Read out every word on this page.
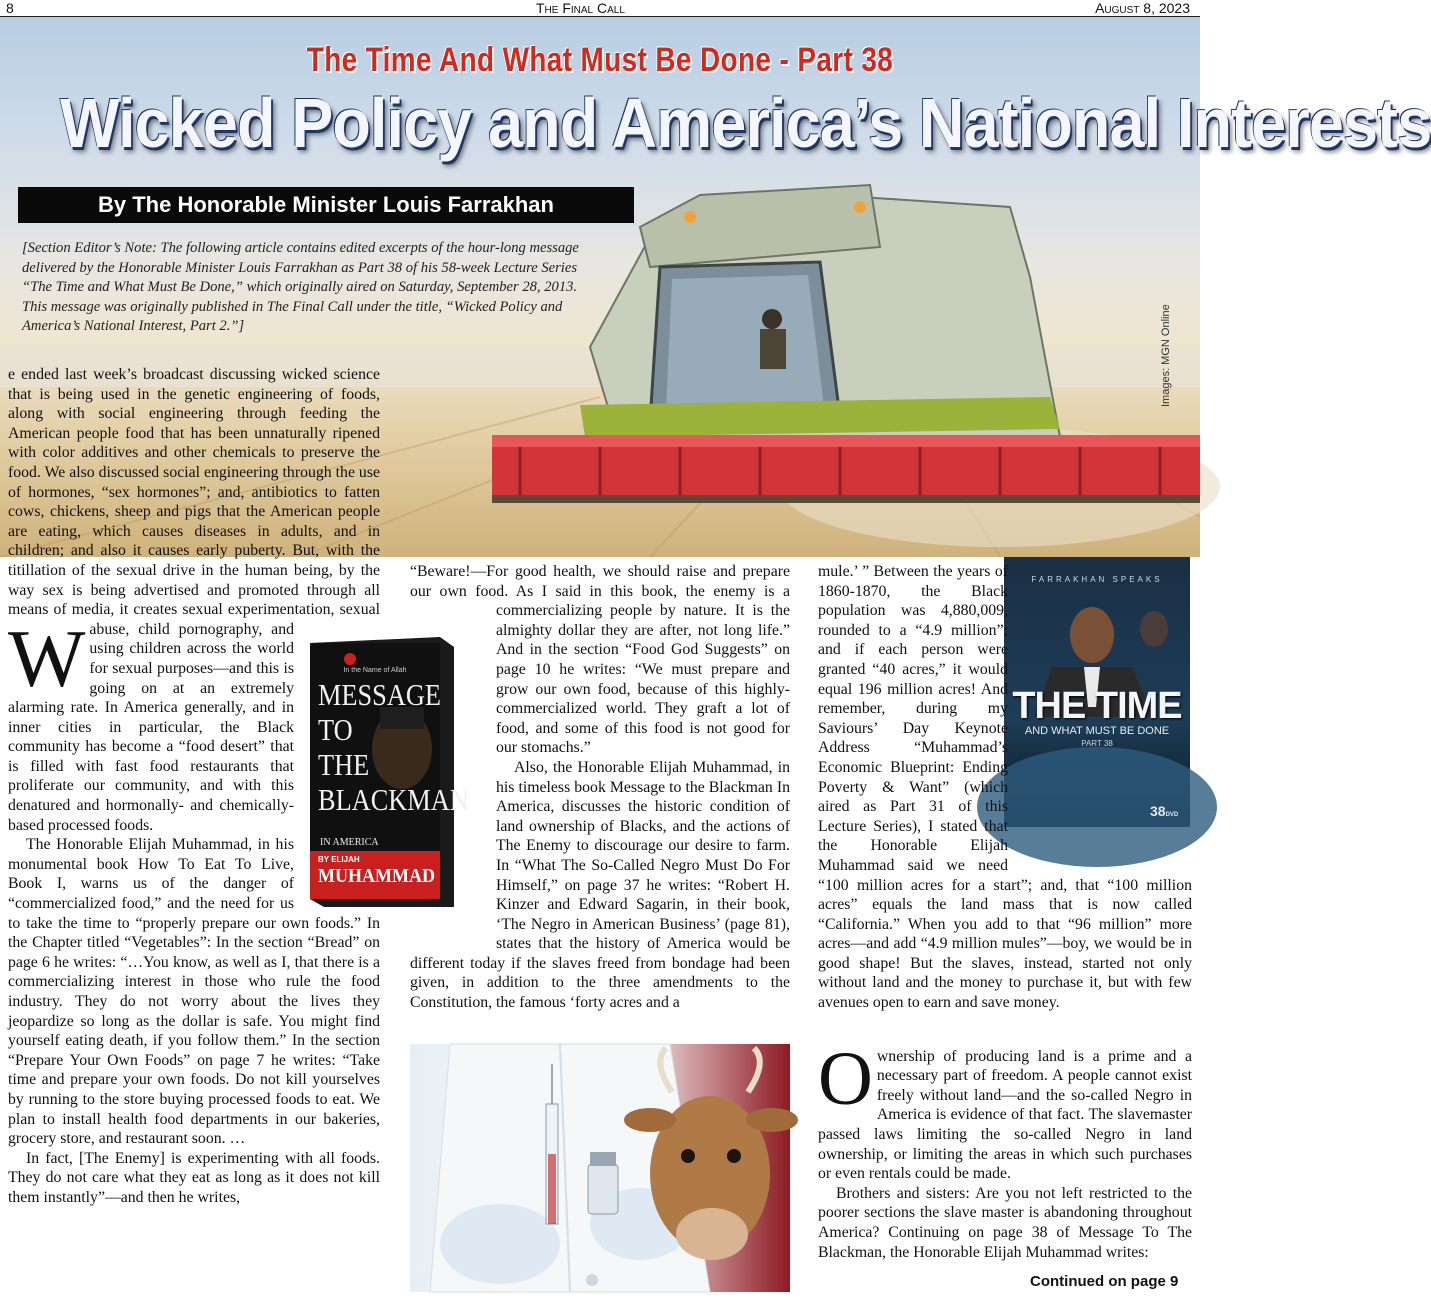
8	The Final Call	August 8, 2023
The Time And What Must Be Done - Part 38
Wicked Policy and America’s National Interests
By The Honorable Minister Louis Farrakhan
[Section Editor’s Note: The following article contains edited excerpts of the hour-long message delivered by the Honorable Minister Louis Farrakhan as Part 38 of his 58-week Lecture Series “The Time and What Must Be Done,” which originally aired on Saturday, September 28, 2013. This message was originally published in The Final Call under the title, “Wicked Policy and America’s National Interest, Part 2.”]	Images: MGN Online

W
e ended last week’s broadcast discussing wicked science that is being used in the genetic engineering of foods, along with social engineering through feeding the American people food that has been unnaturally ripened with color additives and other chemicals to preserve the food. We also discussed social engineering through the use of hormones, “sex hormones”; and, antibiotics to fatten cows, chickens, sheep and pigs that the American people are eating, which causes diseases in adults, and in children; and also it causes early puberty. But, with the titillation of the sexual drive in the human being, by the way sex is being advertised and promoted through all means of media, it creates sexual experimentation, sexual abuse, child pornography, and using children across the world for sexual purposes—and this is going on at an extremely alarming rate. In America generally, and in inner cities in particular, the Black community has become a “food desert” that is filled with fast food restaurants that proliferate our community, and with this denatured and hormonally- and chemically-based processed foods.

The Honorable Elijah Muhammad, in his monumental book How To Eat To Live, Book I, warns us of the danger of “commercialized food,” and the need for us to take the time to “properly prepare our own foods.” In the Chapter titled “Vegetables”: In the section “Bread” on page 6 he writes: “…You know, as well as I, that there is a commercializing interest in those who rule the food industry. They do not worry about the lives they jeopardize so long as the dollar is safe. You might find yourself eating death, if you follow them.” In the section “Prepare Your Own Foods” on page 7 he writes: “Take time and prepare your own foods. Do not kill yourselves by running to the store buying processed foods to eat. We plan to install health food departments in our bakeries, grocery store, and restaurant soon. …

In fact, [The Enemy] is experimenting with all foods. They do not care what they eat as long as it does not kill them instantly”—and then he writes,

In the Name of Allah
MESSAGE
TO
THE
BLACKMAN
IN AMERICA
BY ELIJAH
MUHAMMAD

“Beware!—For good health, we should raise and prepare our own food. As I said in this book, the enemy is a commercializing people by nature. It is the almighty dollar they are after, not long life.” And in the section “Food God Suggests” on page 10 he writes: “We must prepare and grow our own food, because of this highly-commercialized world. They graft a lot of food, and some of this food is not good for our stomachs.”

Also, the Honorable Elijah Muhammad, in his timeless book Message to the Blackman In America, discusses the historic condition of land ownership of Blacks, and the actions of The Enemy to discourage our desire to farm. In “What The So-Called Negro Must Do For Himself,” on page 37 he writes: “Robert H. Kinzer and Edward Sagarin, in their book, ‘The Negro in American Business’ (page 81), states that the history of America would be different today if the slaves freed from bondage had been given, in addition to the three amendments to the Constitution, the famous ‘forty acres and a

FARRAKHAN SPEAKS
THE TIME
AND WHAT MUST BE DONE
PART 38
38DVD

mule.’ ” Between the years of 1860-1870, the Black population was 4,880,009, rounded to a “4.9 million”; and if each person were granted “40 acres,” it would equal 196 million acres! And remember, during my Saviours’ Day Keynote Address “Muhammad’s Economic Blueprint: Ending Poverty & Want” (which aired as Part 31 of this Lecture Series), I stated that the Honorable Elijah Muhammad said we need “100 million acres for a start”; and, that “100 million acres” equals the land mass that is now called “California.” When you add to that “96 million” more acres—and add “4.9 million mules”—boy, we would be in good shape! But the slaves, instead, started not only without land and the money to purchase it, but with few avenues open to earn and save money.

Ownership of producing land is a prime and a necessary part of freedom. A people cannot exist freely without land—and the so-called Negro in America is evidence of that fact. The slavemaster passed laws limiting the so-called Negro in land ownership, or limiting the areas in which such purchases or even rentals could be made.

Brothers and sisters: Are you not left restricted to the poorer sections the slave master is abandoning throughout America? Continuing on page 38 of Message To The Blackman, the Honorable Elijah Muhammad writes:

Continued on page 9
